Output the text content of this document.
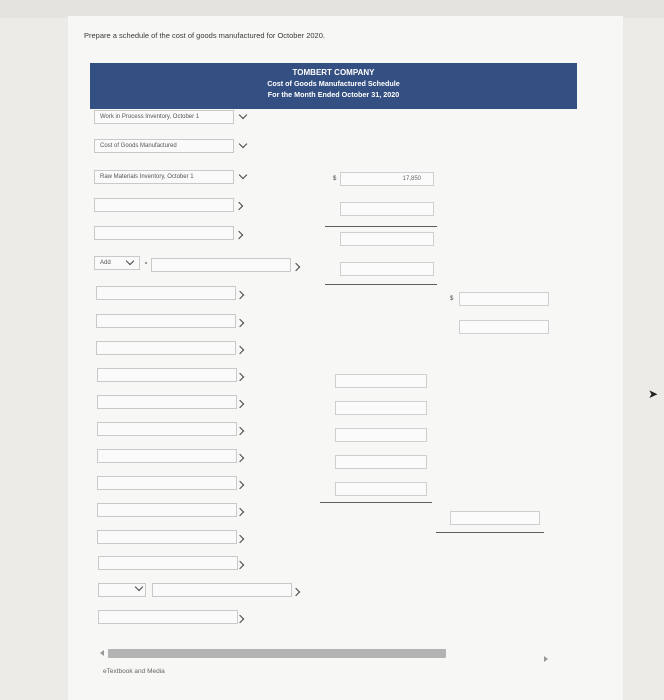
Prepare a schedule of the cost of goods manufactured for October 2020.
TOMBERT COMPANY
Cost of Goods Manufactured Schedule
For the Month Ended October 31, 2020
Work in Process Inventory, October 1
Cost of Goods Manufactured
Raw Materials Inventory, October 1	$	17,850
Add
$
eTextbook and Media
➤
